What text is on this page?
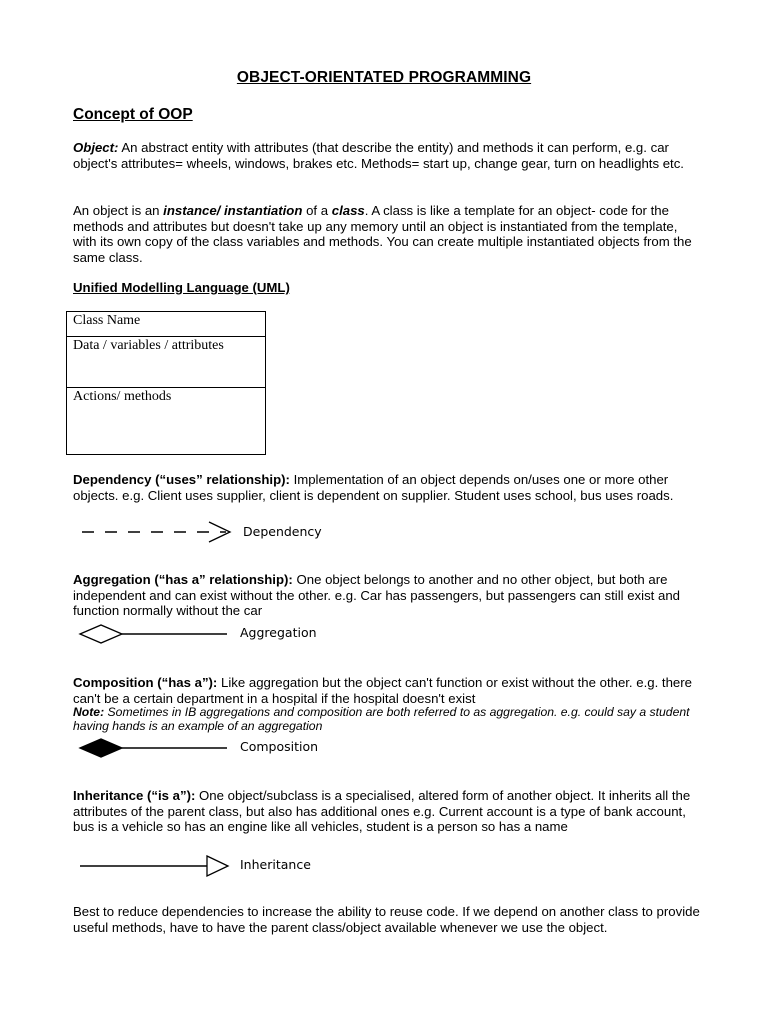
OBJECT-ORIENTATED PROGRAMMING
Concept of OOP
Object: An abstract entity with attributes (that describe the entity) and methods it can perform, e.g. car object's attributes= wheels, windows, brakes etc. Methods= start up, change gear, turn on headlights etc.
An object is an instance/ instantiation of a class. A class is like a template for an object- code for the methods and attributes but doesn't take up any memory until an object is instantiated from the template, with its own copy of the class variables and methods. You can create multiple instantiated objects from the same class.
Unified Modelling Language (UML)
Class Name
Data / variables / attributes
Actions/ methods
Dependency (“uses” relationship): Implementation of an object depends on/uses one or more other objects. e.g. Client uses supplier, client is dependent on supplier. Student uses school, bus uses roads.
Dependency
Aggregation (“has a” relationship): One object belongs to another and no other object, but both are independent and can exist without the other. e.g. Car has passengers, but passengers can still exist and function normally without the car
Aggregation
Composition (“has a”): Like aggregation but the object can't function or exist without the other. e.g. there can't be a certain department in a hospital if the hospital doesn't exist
Note: Sometimes in IB aggregations and composition are both referred to as aggregation. e.g. could say a student having hands is an example of an aggregation
Composition
Inheritance (“is a”): One object/subclass is a specialised, altered form of another object. It inherits all the attributes of the parent class, but also has additional ones e.g. Current account is a type of bank account, bus is a vehicle so has an engine like all vehicles, student is a person so has a name
Inheritance
Best to reduce dependencies to increase the ability to reuse code. If we depend on another class to provide useful methods, have to have the parent class/object available whenever we use the object.
